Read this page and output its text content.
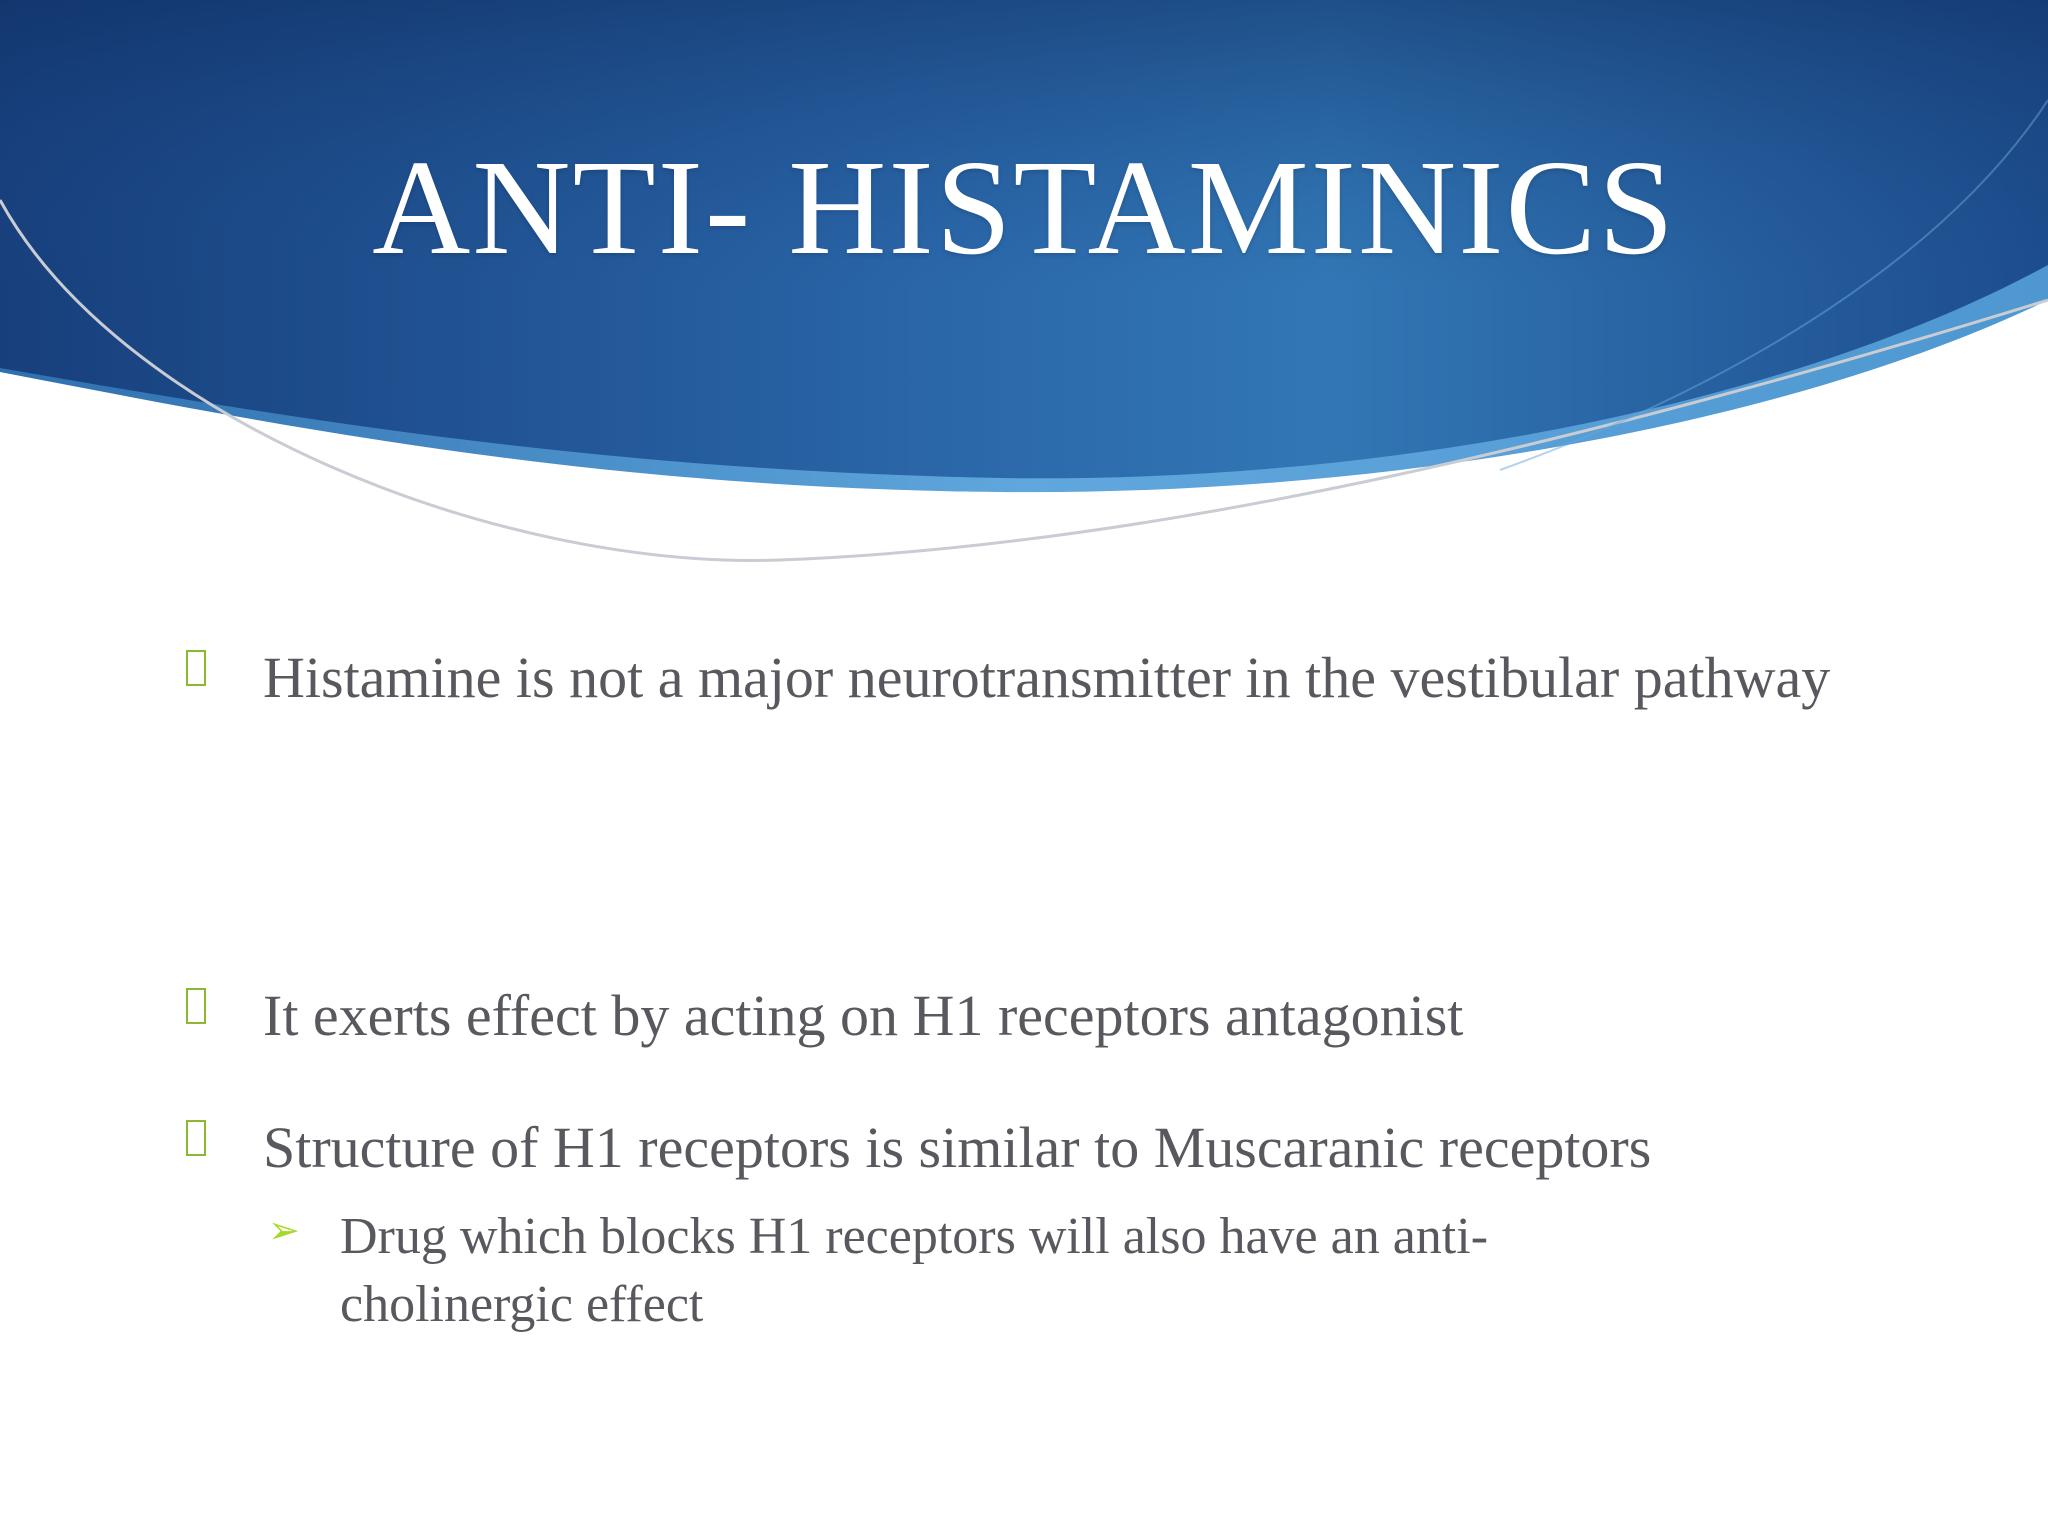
ANTI- HISTAMINICS
Histamine is not a major neurotransmitter in the vestibular pathway
It exerts effect by acting on H1 receptors antagonist
Structure of H1 receptors is similar to Muscaranic receptors
➢ Drug which blocks H1 receptors will also have an anti-cholinergic effect
